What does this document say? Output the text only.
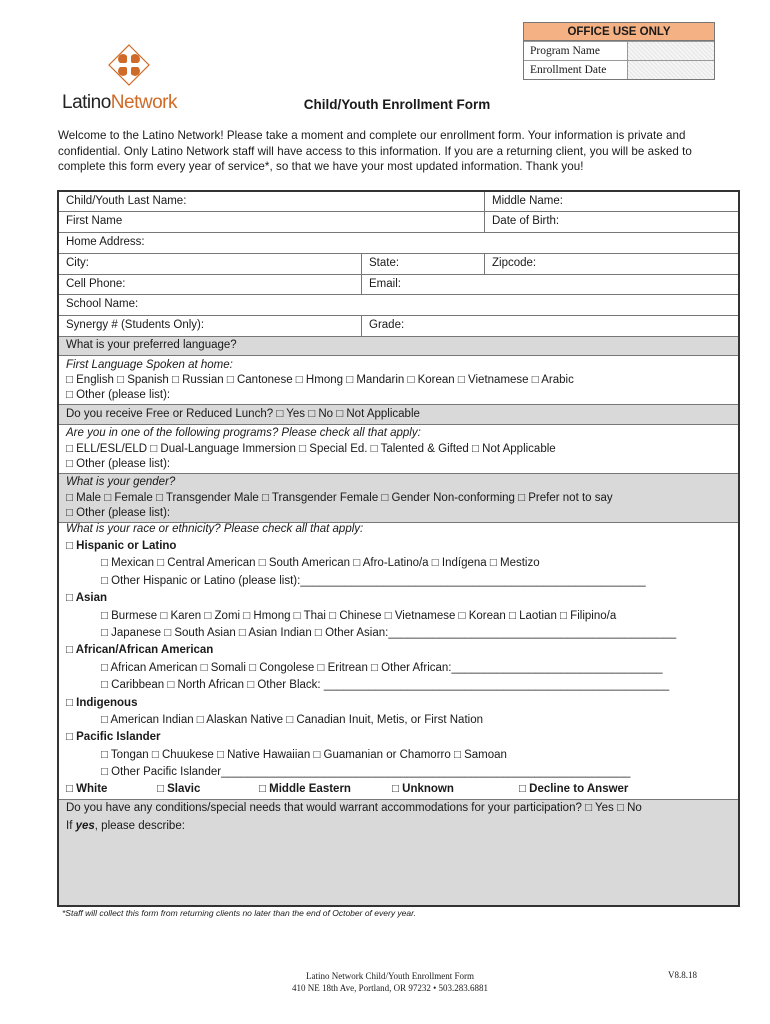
OFFICE USE ONLY
Program Name
Enrollment Date
LatinoNetwork	Child/Youth Enrollment Form
Welcome to the Latino Network! Please take a moment and complete our enrollment form. Your information is private and confidential. Only Latino Network staff will have access to this information. If you are a returning client, you will be asked to complete this form every year of service*, so that we have your most updated information. Thank you!
Child/Youth Last Name:	Middle Name:
First Name	Date of Birth:
Home Address:
City:	State:	Zipcode:
Cell Phone:	Email:
School Name:
Synergy # (Students Only):	Grade:
What is your preferred language?
First Language Spoken at home:
□ English □ Spanish □ Russian □ Cantonese □ Hmong □ Mandarin □ Korean □ Vietnamese □ Arabic
□ Other (please list):
Do you receive Free or Reduced Lunch? □ Yes □ No □ Not Applicable
Are you in one of the following programs? Please check all that apply:
□ ELL/ESL/ELD □ Dual-Language Immersion □ Special Ed. □ Talented & Gifted □ Not Applicable
□ Other (please list):
What is your gender?
□ Male □ Female □ Transgender Male □ Transgender Female □ Gender Non-conforming □ Prefer not to say
□ Other (please list):
What is your race or ethnicity? Please check all that apply:
□ Hispanic or Latino
□ Mexican □ Central American □ South American □ Afro-Latino/a □ Indígena □ Mestizo
□ Other Hispanic or Latino (please list):______________________________________________________
□ Asian
□ Burmese □ Karen □ Zomi □ Hmong □ Thai □ Chinese □ Vietnamese □ Korean □ Laotian □ Filipino/a
□ Japanese □ South Asian □ Asian Indian □ Other Asian:_____________________________________________
□ African/African American
□ African American □ Somali □ Congolese □ Eritrean □ Other African:_________________________________
□ Caribbean □ North African □ Other Black: ______________________________________________________
□ Indigenous
□ American Indian □ Alaskan Native □ Canadian Inuit, Metis, or First Nation
□ Pacific Islander
□ Tongan □ Chuukese □ Native Hawaiian □ Guamanian or Chamorro □ Samoan
□ Other Pacific Islander________________________________________________________________
□ White	□ Slavic	□ Middle Eastern	□ Unknown	□ Decline to Answer
Do you have any conditions/special needs that would warrant accommodations for your participation? □ Yes □ No
If yes, please describe:
*Staff will collect this form from returning clients no later than the end of October of every year.
Latino Network Child/Youth Enrollment Form
410 NE 18th Ave, Portland, OR 97232 • 503.283.6881
V8.8.18
